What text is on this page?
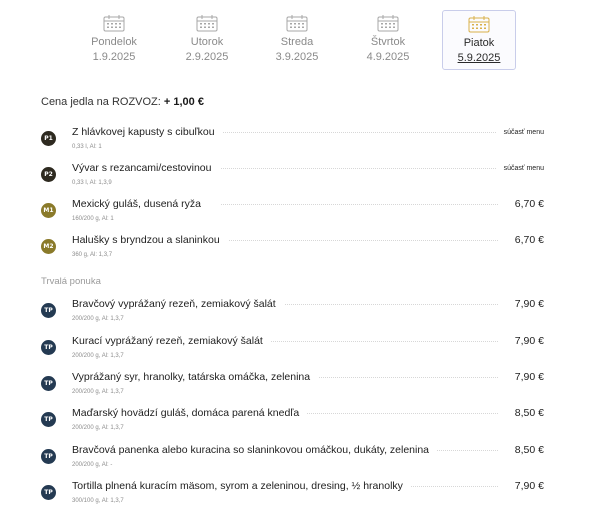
Pondelok
1.9.2025
Utorok
2.9.2025
Streda
3.9.2025
Štvrtok
4.9.2025
Piatok
5.9.2025
Cena jedla na ROZVOZ: + 1,00 €
P1
Z hlávkovej kapusty s cibuľkou	súčasť menu
0,33 l, Al: 1
P2
Vývar s rezancami/cestovinou	súčasť menu
0,33 l, Al: 1,3,9
M1
Mexický guláš, dusená ryža	6,70 €
160/200 g, Al: 1
M2
Halušky s bryndzou a slaninkou	6,70 €
360 g, Al: 1,3,7
Trvalá ponuka
TP
Bravčový vyprážaný rezeň, zemiakový šalát	7,90 €
200/200 g, Al: 1,3,7
TP
Kurací vyprážaný rezeň, zemiakový šalát	7,90 €
200/200 g, Al: 1,3,7
TP
Vyprážaný syr, hranolky, tatárska omáčka, zelenina	7,90 €
200/200 g, Al: 1,3,7
TP
Maďarský hovädzí guláš, domáca parená knedľa	8,50 €
200/200 g, Al: 1,3,7
TP
Bravčová panenka alebo kuracina so slaninkovou omáčkou, dukáty, zelenina	8,50 €
200/200 g, Al: -
TP
Tortilla plnená kuracím mäsom, syrom a zeleninou, dresing, ½ hranolky	7,90 €
300/100 g, Al: 1,3,7
